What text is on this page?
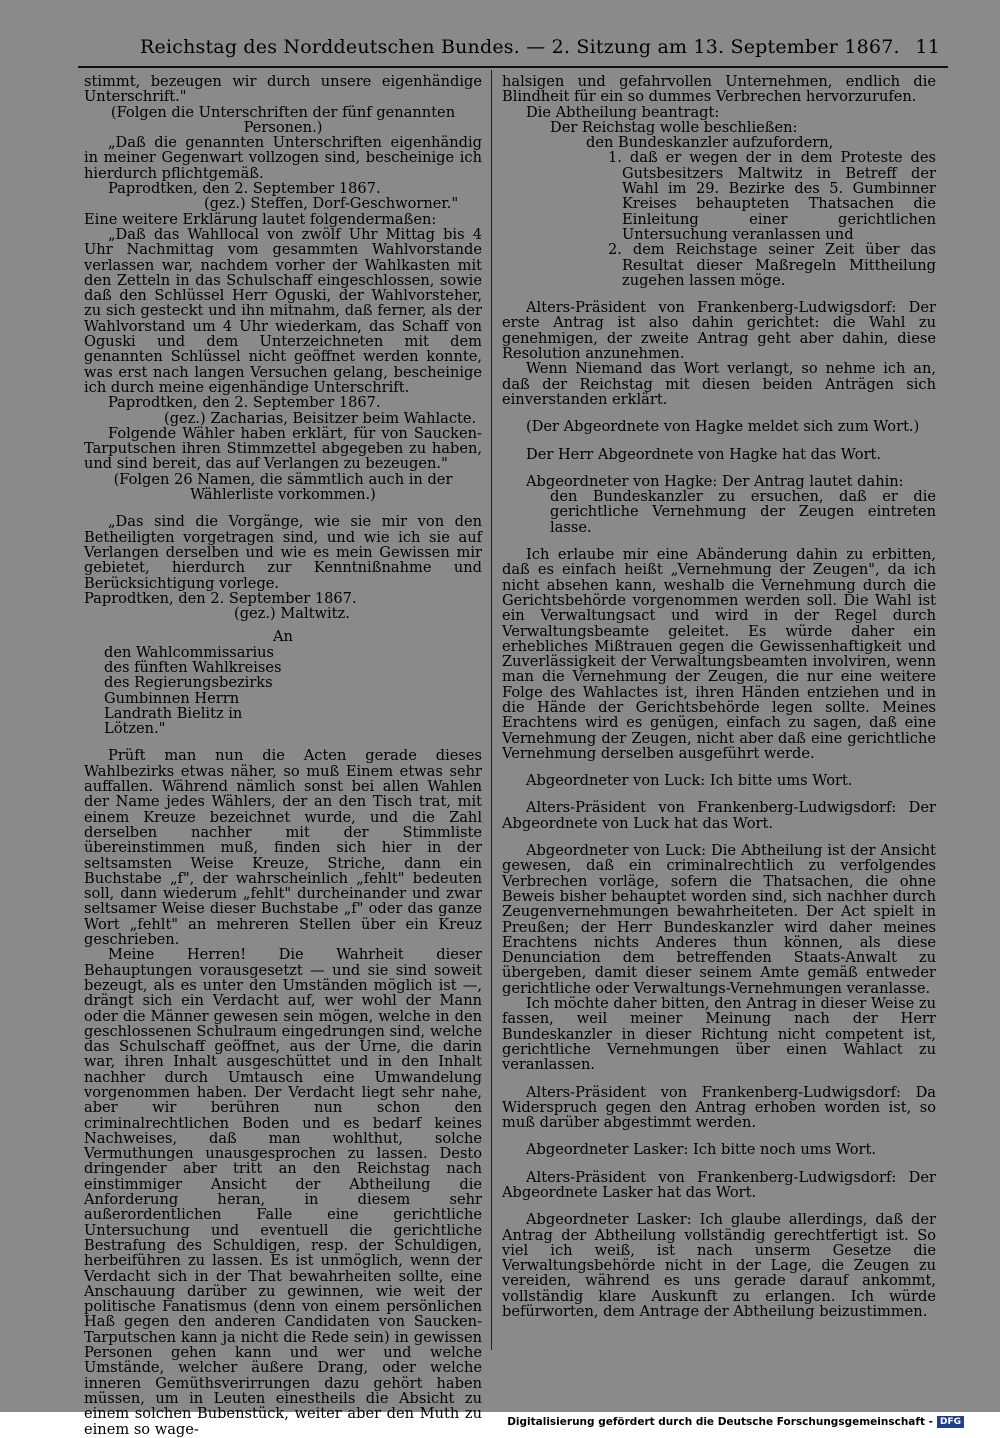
Reichstag des Norddeutschen Bundes. — 2. Sitzung am 13. September 1867. 11

stimmt, bezeugen wir durch unsere eigenhändige Unterschrift."

(Folgen die Unterschriften der fünf genannten Personen.)

„Daß die genannten Unterschriften eigenhändig in meiner Gegenwart vollzogen sind, bescheinige ich hierdurch pflichtgemäß.

Paprodtken, den 2. September 1867.

(gez.) Steffen, Dorf-Geschworner."

Eine weitere Erklärung lautet folgendermaßen:

„Daß das Wahllocal von zwölf Uhr Mittag bis 4 Uhr Nachmittag vom gesammten Wahlvorstande verlassen war, nachdem vorher der Wahlkasten mit den Zetteln in das Schulschaff eingeschlossen, sowie daß den Schlüssel Herr Oguski, der Wahlvorsteher, zu sich gesteckt und ihn mitnahm, daß ferner, als der Wahlvorstand um 4 Uhr wiederkam, das Schaff von Oguski und dem Unterzeichneten mit dem genannten Schlüssel nicht geöffnet werden konnte, was erst nach langen Versuchen gelang, bescheinige ich durch meine eigenhändige Unterschrift.

Paprodtken, den 2. September 1867.

(gez.) Zacharias, Beisitzer beim Wahlacte.

Folgende Wähler haben erklärt, für von Saucken-Tarputschen ihren Stimmzettel abgegeben zu haben, und sind bereit, das auf Verlangen zu bezeugen."

(Folgen 26 Namen, die sämmtlich auch in der Wählerliste vorkommen.)

„Das sind die Vorgänge, wie sie mir von den Betheiligten vorgetragen sind, und wie ich sie auf Verlangen derselben und wie es mein Gewissen mir gebietet, hierdurch zur Kenntnißnahme und Berücksichtigung vorlege.

Paprodtken, den 2. September 1867.

(gez.) Maltwitz.

An

den Wahlcommissarius des fünften Wahlkreises des Regierungsbezirks Gumbinnen Herrn Landrath Bielitz in Lötzen."

Prüft man nun die Acten gerade dieses Wahlbezirks etwas näher, so muß Einem etwas sehr auffallen. Während nämlich sonst bei allen Wahlen der Name jedes Wählers, der an den Tisch trat, mit einem Kreuze bezeichnet wurde, und die Zahl derselben nachher mit der Stimmliste übereinstimmen muß, finden sich hier in der seltsamsten Weise Kreuze, Striche, dann ein Buchstabe „f", der wahrscheinlich „fehlt" bedeuten soll, dann wiederum „fehlt" durcheinander und zwar seltsamer Weise dieser Buchstabe „f" oder das ganze Wort „fehlt" an mehreren Stellen über ein Kreuz geschrieben.

Meine Herren! Die Wahrheit dieser Behauptungen vorausgesetzt — und sie sind soweit bezeugt, als es unter den Umständen möglich ist —, drängt sich ein Verdacht auf, wer wohl der Mann oder die Männer gewesen sein mögen, welche in den geschlossenen Schulraum eingedrungen sind, welche das Schulschaff geöffnet, aus der Urne, die darin war, ihren Inhalt ausgeschüttet und in den Inhalt nachher durch Umtausch eine Umwandelung vorgenommen haben. Der Verdacht liegt sehr nahe, aber wir berühren nun schon den criminalrechtlichen Boden und es bedarf keines Nachweises, daß man wohlthut, solche Vermuthungen unausgesprochen zu lassen. Desto dringender aber tritt an den Reichstag nach einstimmiger Ansicht der Abtheilung die Anforderung heran, in diesem sehr außerordentlichen Falle eine gerichtliche Untersuchung und eventuell die gerichtliche Bestrafung des Schuldigen, resp. der Schuldigen, herbeiführen zu lassen. Es ist unmöglich, wenn der Verdacht sich in der That bewahrheiten sollte, eine Anschauung darüber zu gewinnen, wie weit der politische Fanatismus (denn von einem persönlichen Haß gegen den anderen Candidaten von Saucken-Tarputschen kann ja nicht die Rede sein) in gewissen Personen gehen kann und wer und welche Umstände, welcher äußere Drang, oder welche inneren Gemüthsverirrungen dazu gehört haben müssen, um in Leuten einestheils die Absicht zu einem solchen Bubenstück, weiter aber den Muth zu einem so wage-

halsigen und gefahrvollen Unternehmen, endlich die Blindheit für ein so dummes Verbrechen hervorzurufen.

Die Abtheilung beantragt:

Der Reichstag wolle beschließen:

den Bundeskanzler aufzufordern,

1. daß er wegen der in dem Proteste des Gutsbesitzers Maltwitz in Betreff der Wahl im 29. Bezirke des 5. Gumbinner Kreises behaupteten Thatsachen die Einleitung einer gerichtlichen Untersuchung veranlassen und

2. dem Reichstage seiner Zeit über das Resultat dieser Maßregeln Mittheilung zugehen lassen möge.

Alters-Präsident von Frankenberg-Ludwigsdorf: Der erste Antrag ist also dahin gerichtet: die Wahl zu genehmigen, der zweite Antrag geht aber dahin, diese Resolution anzunehmen.

Wenn Niemand das Wort verlangt, so nehme ich an, daß der Reichstag mit diesen beiden Anträgen sich einverstanden erklärt.

(Der Abgeordnete von Hagke meldet sich zum Wort.)

Der Herr Abgeordnete von Hagke hat das Wort.

Abgeordneter von Hagke: Der Antrag lautet dahin:

den Bundeskanzler zu ersuchen, daß er die gerichtliche Vernehmung der Zeugen eintreten lasse.

Ich erlaube mir eine Abänderung dahin zu erbitten, daß es einfach heißt „Vernehmung der Zeugen", da ich nicht absehen kann, weshalb die Vernehmung durch die Gerichtsbehörde vorgenommen werden soll. Die Wahl ist ein Verwaltungsact und wird in der Regel durch Verwaltungsbeamte geleitet. Es würde daher ein erhebliches Mißtrauen gegen die Gewissenhaftigkeit und Zuverlässigkeit der Verwaltungsbeamten involviren, wenn man die Vernehmung der Zeugen, die nur eine weitere Folge des Wahlactes ist, ihren Händen entziehen und in die Hände der Gerichtsbehörde legen sollte. Meines Erachtens wird es genügen, einfach zu sagen, daß eine Vernehmung der Zeugen, nicht aber daß eine gerichtliche Vernehmung derselben ausgeführt werde.

Abgeordneter von Luck: Ich bitte ums Wort.

Alters-Präsident von Frankenberg-Ludwigsdorf: Der Abgeordnete von Luck hat das Wort.

Abgeordneter von Luck: Die Abtheilung ist der Ansicht gewesen, daß ein criminalrechtlich zu verfolgendes Verbrechen vorläge, sofern die Thatsachen, die ohne Beweis bisher behauptet worden sind, sich nachher durch Zeugenvernehmungen bewahrheiteten. Der Act spielt in Preußen; der Herr Bundeskanzler wird daher meines Erachtens nichts Anderes thun können, als diese Denunciation dem betreffenden Staats-Anwalt zu übergeben, damit dieser seinem Amte gemäß entweder gerichtliche oder Verwaltungs-Vernehmungen veranlasse.

Ich möchte daher bitten, den Antrag in dieser Weise zu fassen, weil meiner Meinung nach der Herr Bundeskanzler in dieser Richtung nicht competent ist, gerichtliche Vernehmungen über einen Wahlact zu veranlassen.

Alters-Präsident von Frankenberg-Ludwigsdorf: Da Widerspruch gegen den Antrag erhoben worden ist, so muß darüber abgestimmt werden.

Abgeordneter Lasker: Ich bitte noch ums Wort.

Alters-Präsident von Frankenberg-Ludwigsdorf: Der Abgeordnete Lasker hat das Wort.

Abgeordneter Lasker: Ich glaube allerdings, daß der Antrag der Abtheilung vollständig gerechtfertigt ist. So viel ich weiß, ist nach unserm Gesetze die Verwaltungsbehörde nicht in der Lage, die Zeugen zu vereiden, während es uns gerade darauf ankommt, vollständig klare Auskunft zu erlangen. Ich würde befürworten, dem Antrage der Abtheilung beizustimmen.

Digitalisierung gefördert durch die Deutsche Forschungsgemeinschaft - DFG
